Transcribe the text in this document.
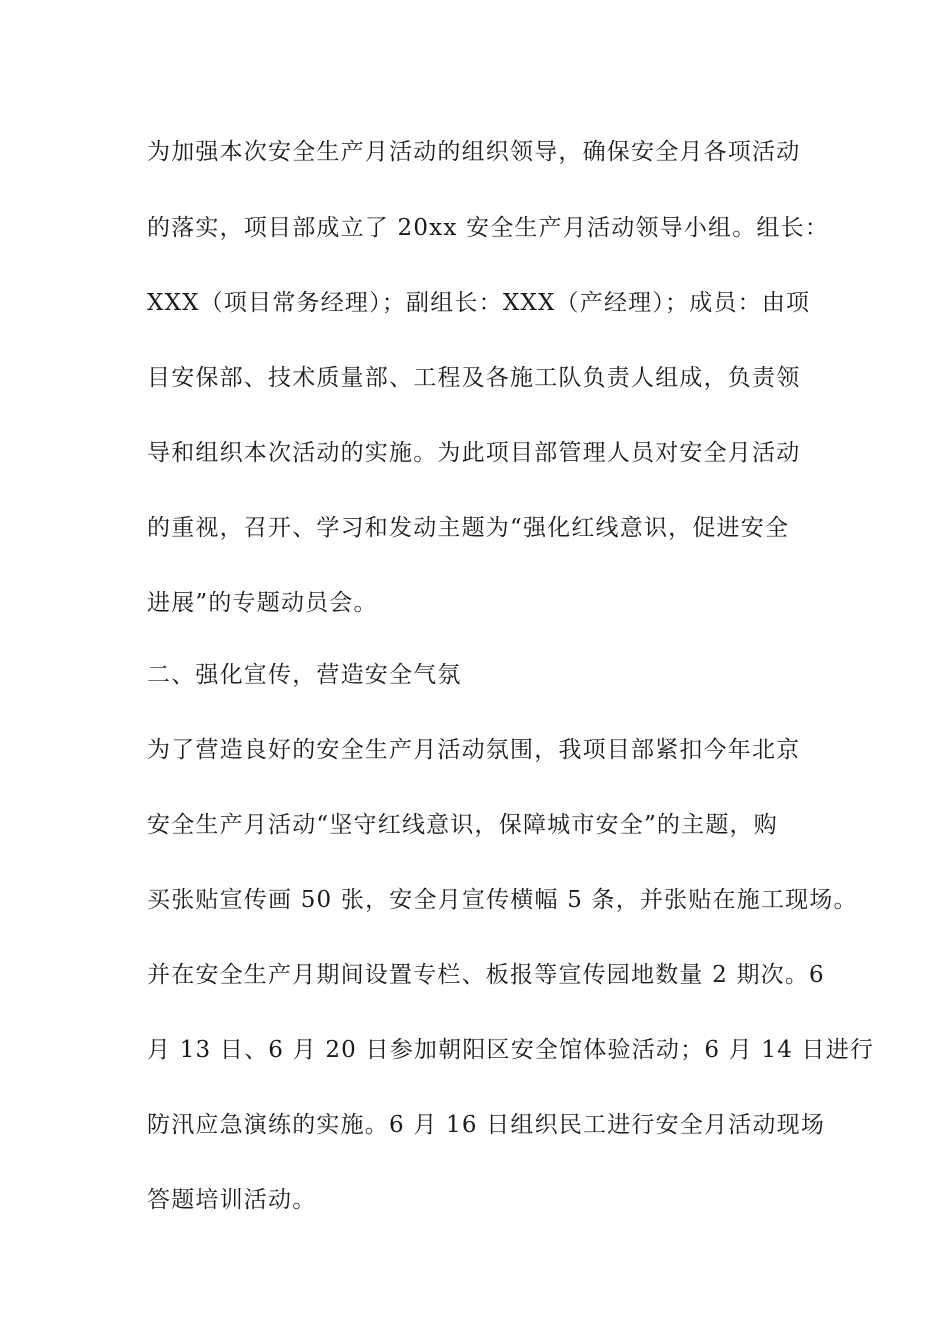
为加强本次安全生产月活动的组织领导，确保安全月各项活动
的落实，项目部成立了 20xx 安全生产月活动领导小组。组长：
XXX（项目常务经理）；副组长：XXX（产经理）；成员：由项
目安保部、技术质量部、工程及各施工队负责人组成，负责领
导和组织本次活动的实施。为此项目部管理人员对安全月活动
的重视，召开、学习和发动主题为“强化红线意识，促进安全
进展”的专题动员会。
二、强化宣传，营造安全气氛
为了营造良好的安全生产月活动氛围，我项目部紧扣今年北京
安全生产月活动“坚守红线意识，保障城市安全”的主题，购
买张贴宣传画 50 张，安全月宣传横幅 5 条，并张贴在施工现场。
并在安全生产月期间设置专栏、板报等宣传园地数量 2 期次。6
月 13 日、6 月 20 日参加朝阳区安全馆体验活动；6 月 14 日进行
防汛应急演练的实施。6 月 16 日组织民工进行安全月活动现场
答题培训活动。
